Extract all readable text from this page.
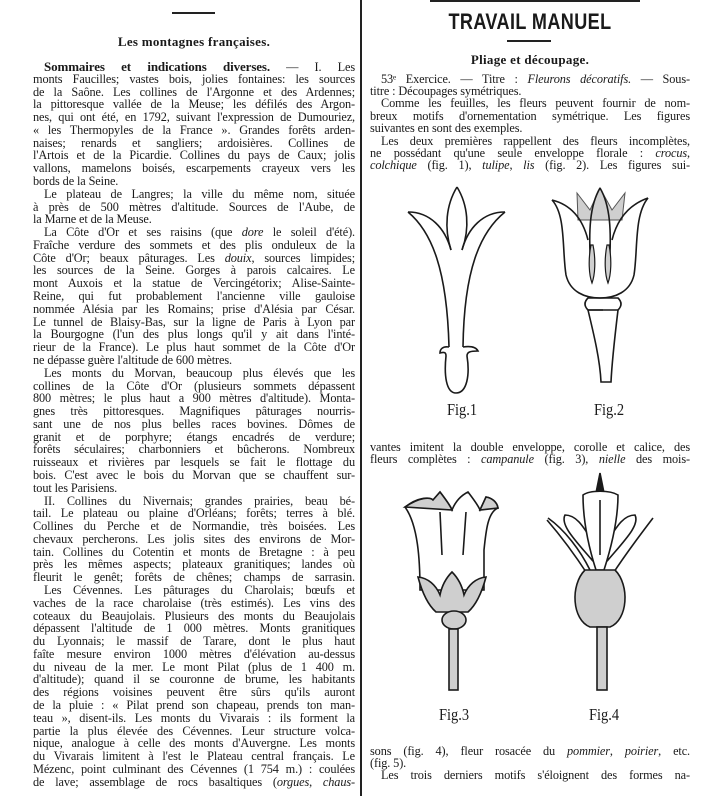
Les montagnes françaises.
Sommaires et indications diverses. — I. Les
monts Faucilles; vastes bois, jolies fontaines: les sources
de la Saône. Les collines de l'Argonne et des Ardennes;
la pittoresque vallée de la Meuse; les défilés des Argon-
nes, qui ont été, en 1792, suivant l'expression de Dumouriez,
« les Thermopyles de la France ». Grandes forêts arden-
naises; renards et sangliers; ardoisières. Collines de
l'Artois et de la Picardie. Collines du pays de Caux; jolis
vallons, mamelons boisés, escarpements crayeux vers les
bords de la Seine.
Le plateau de Langres; la ville du même nom, située
à près de 500 mètres d'altitude. Sources de l'Aube, de
la Marne et de la Meuse.
La Côte d'Or et ses raisins (que dore le soleil d'été).
Fraîche verdure des sommets et des plis onduleux de la
Côte d'Or; beaux pâturages. Les douix, sources limpides;
les sources de la Seine. Gorges à parois calcaires. Le
mont Auxois et la statue de Vercingétorix; Alise-Sainte-
Reine, qui fut probablement l'ancienne ville gauloise
nommée Alésia par les Romains; prise d'Alésia par César.
Le tunnel de Blaisy-Bas, sur la ligne de Paris à Lyon par
la Bourgogne (l'un des plus longs qu'il y ait dans l'inté-
rieur de la France). Le plus haut sommet de la Côte d'Or
ne dépasse guère l'altitude de 600 mètres.
Les monts du Morvan, beaucoup plus élevés que les
collines de la Côte d'Or (plusieurs sommets dépassent
800 mètres; le plus haut a 900 mètres d'altitude). Monta-
gnes très pittoresques. Magnifiques pâturages nourris-
sant une de nos plus belles races bovines. Dômes de
granit et de porphyre; étangs encadrés de verdure;
forêts séculaires; charbonniers et bûcherons. Nombreux
ruisseaux et rivières par lesquels se fait le flottage du
bois. C'est avec le bois du Morvan que se chauffent sur-
tout les Parisiens.
II. Collines du Nivernais; grandes prairies, beau bé-
tail. Le plateau ou plaine d'Orléans; forêts; terres à blé.
Collines du Perche et de Normandie, très boisées. Les
chevaux percherons. Les jolis sites des environs de Mor-
tain. Collines du Cotentin et monts de Bretagne : à peu
près les mêmes aspects; plateaux granitiques; landes où
fleurit le genêt; forêts de chênes; champs de sarrasin.
Les Cévennes. Les pâturages du Charolais; bœufs et
vaches de la race charolaise (très estimés). Les vins des
coteaux du Beaujolais. Plusieurs des monts du Beaujolais
dépassent l'altitude de 1 000 mètres. Monts granitiques
du Lyonnais; le massif de Tarare, dont le plus haut
faîte mesure environ 1000 mètres d'élévation au-dessus
du niveau de la mer. Le mont Pilat (plus de 1 400 m.
d'altitude); quand il se couronne de brume, les habitants
des régions voisines peuvent être sûrs qu'ils auront
de la pluie : « Pilat prend son chapeau, prends ton man-
teau », disent-ils. Les monts du Vivarais : ils forment la
partie la plus élevée des Cévennes. Leur structure volca-
nique, analogue à celle des monts d'Auvergne. Les monts
du Vivarais limitent à l'est le Plateau central français. Le
Mézenc, point culminant des Cévennes (1 754 m.) : coulées
de lave; assemblage de rocs basaltiques (orgues, chaus-
TRAVAIL MANUEL
Pliage et découpage.
53ᵉ Exercice. — Titre : Fleurons décoratifs. — Sous-
titre : Découpages symétriques.
Comme les feuilles, les fleurs peuvent fournir de nom-
breux motifs d'ornementation symétrique. Les figures
suivantes en sont des exemples.
Les deux premières rappellent des fleurs incomplètes,
ne possédant qu'une seule enveloppe florale : crocus,
colchique (fig. 1), tulipe, lis (fig. 2). Les figures sui-
vantes imitent la double enveloppe, corolle et calice, des
fleurs complètes : campanule (fig. 3), nielle des mois-
sons (fig. 4), fleur rosacée du pommier, poirier, etc.
(fig. 5).
Les trois derniers motifs s'éloignent des formes na-
Fig.1	Fig.2
Fig.3	Fig.4
